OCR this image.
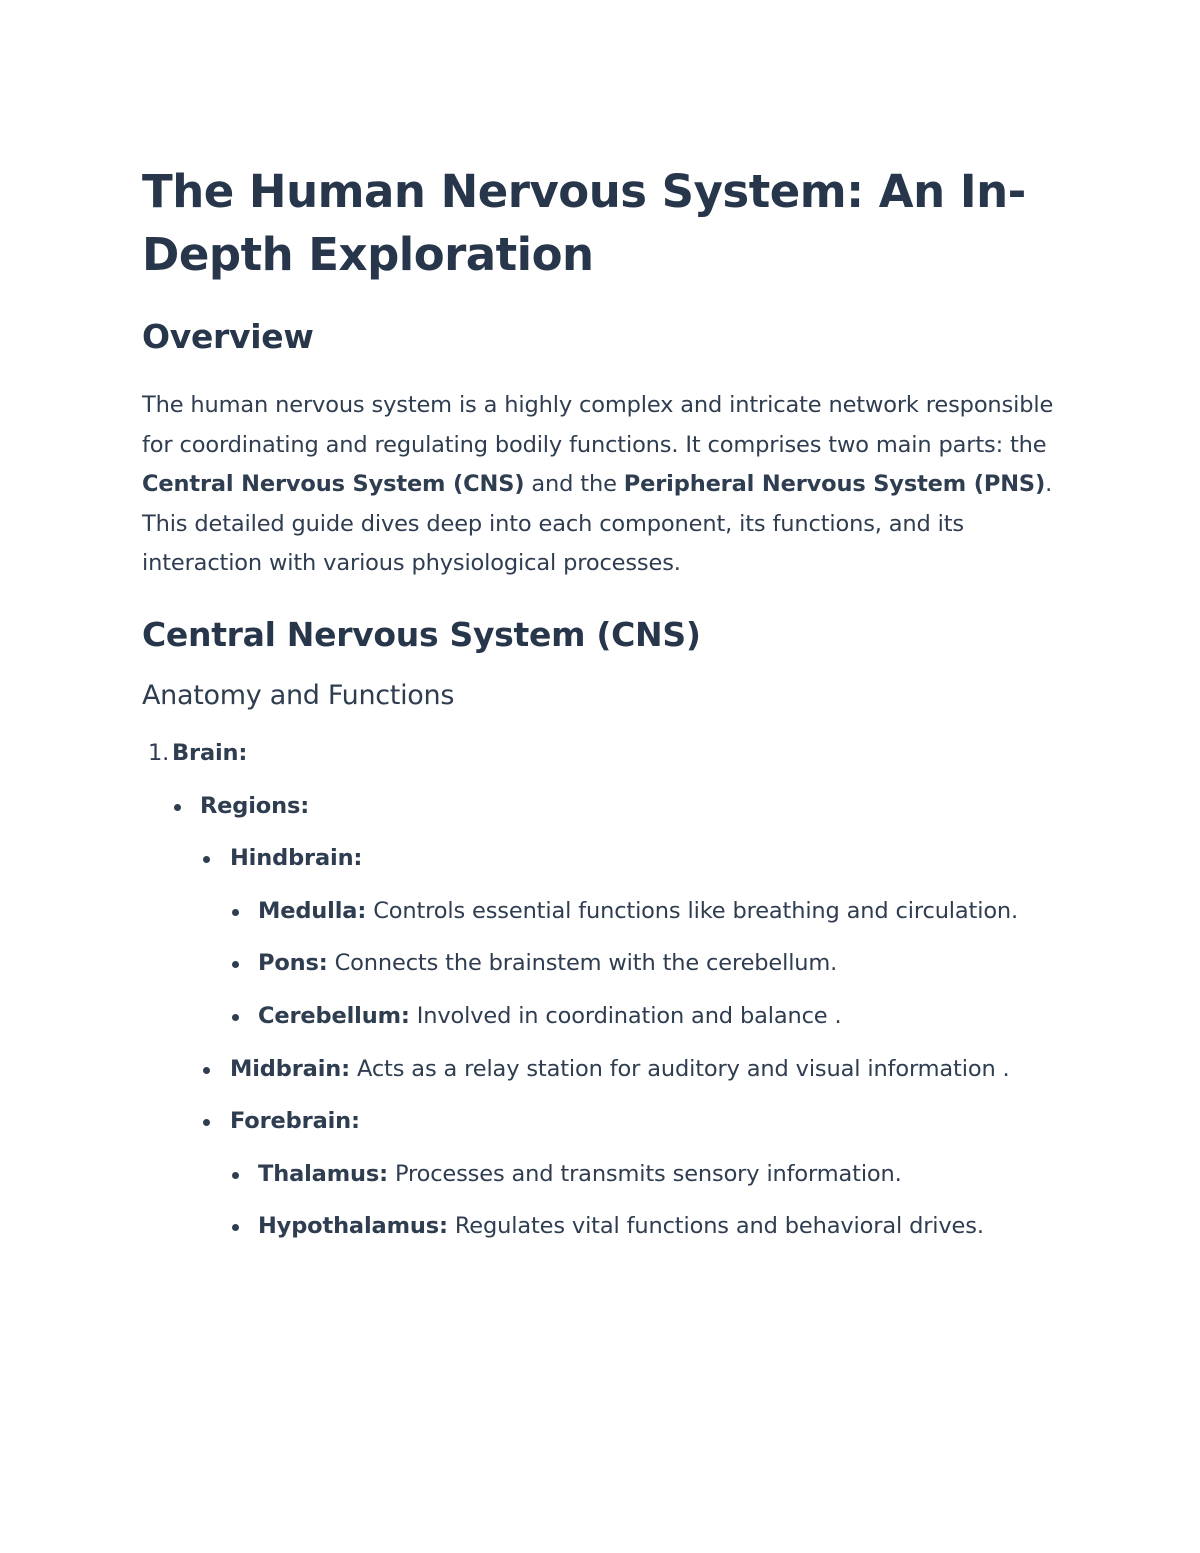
The Human Nervous System: An In-Depth Exploration
Overview

The human nervous system is a highly complex and intricate network responsible for coordinating and regulating bodily functions. It comprises two main parts: the Central Nervous System (CNS) and the Peripheral Nervous System (PNS). This detailed guide dives deep into each component, its functions, and its interaction with various physiological processes.

Central Nervous System (CNS)
Anatomy and Functions
1. Brain:
Regions:
Hindbrain:
Medulla: Controls essential functions like breathing and circulation.
Pons: Connects the brainstem with the cerebellum.
Cerebellum: Involved in coordination and balance .
Midbrain: Acts as a relay station for auditory and visual information .
Forebrain:
Thalamus: Processes and transmits sensory information.
Hypothalamus: Regulates vital functions and behavioral drives.
